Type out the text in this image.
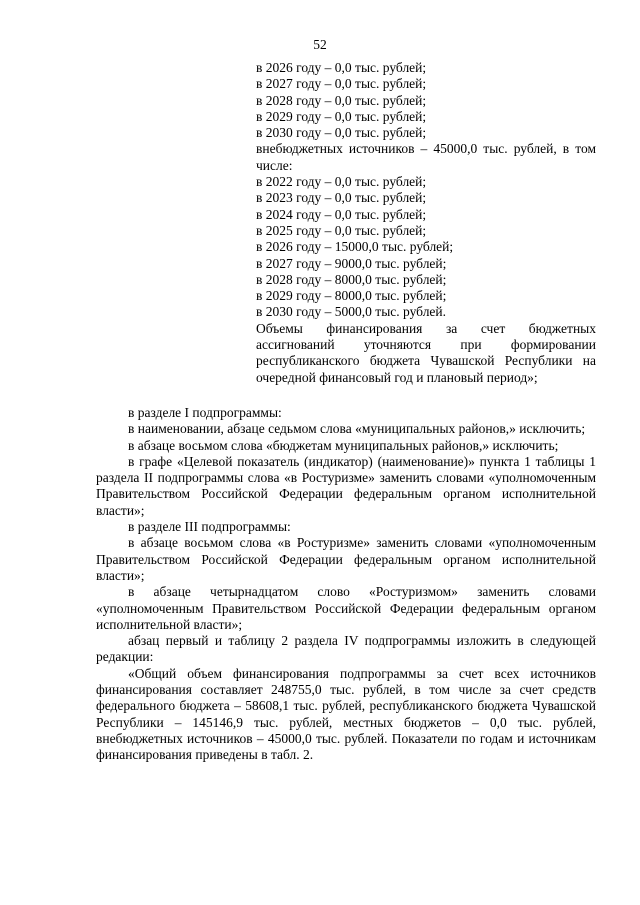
52
в 2026 году – 0,0 тыс. рублей;
в 2027 году – 0,0 тыс. рублей;
в 2028 году – 0,0 тыс. рублей;
в 2029 году – 0,0 тыс. рублей;
в 2030 году – 0,0 тыс. рублей;
внебюджетных источников – 45000,0 тыс. рублей, в том числе:
в 2022 году – 0,0 тыс. рублей;
в 2023 году – 0,0 тыс. рублей;
в 2024 году – 0,0 тыс. рублей;
в 2025 году – 0,0 тыс. рублей;
в 2026 году – 15000,0 тыс. рублей;
в 2027 году – 9000,0 тыс. рублей;
в 2028 году – 8000,0 тыс. рублей;
в 2029 году – 8000,0 тыс. рублей;
в 2030 году – 5000,0 тыс. рублей.
Объемы финансирования за счет бюджетных ассигнований уточняются при формировании республиканского бюджета Чувашской Республики на очередной финансовый год и плановый период»;

в разделе I подпрограммы:

в наименовании, абзаце седьмом слова «муниципальных районов,» исключить;

в абзаце восьмом слова «бюджетам муниципальных районов,» исключить;

в графе «Целевой показатель (индикатор) (наименование)» пункта 1 таблицы 1 раздела II подпрограммы слова «в Ростуризме» заменить словами «уполномоченным Правительством Российской Федерации федеральным органом исполнительной власти»;

в разделе III подпрограммы:

в абзаце восьмом слова «в Ростуризме» заменить словами «уполномоченным Правительством Российской Федерации федеральным органом исполнительной власти»;

в абзаце четырнадцатом слово «Ростуризмом» заменить словами «уполномоченным Правительством Российской Федерации федеральным органом исполнительной власти»;

абзац первый и таблицу 2 раздела IV подпрограммы изложить в следующей редакции:

«Общий объем финансирования подпрограммы за счет всех источников финансирования составляет 248755,0 тыс. рублей, в том числе за счет средств федерального бюджета – 58608,1 тыс. рублей, республиканского бюджета Чувашской Республики – 145146,9 тыс. рублей, местных бюджетов – 0,0 тыс. рублей, внебюджетных источников – 45000,0 тыс. рублей. Показатели по годам и источникам финансирования приведены в табл. 2.
